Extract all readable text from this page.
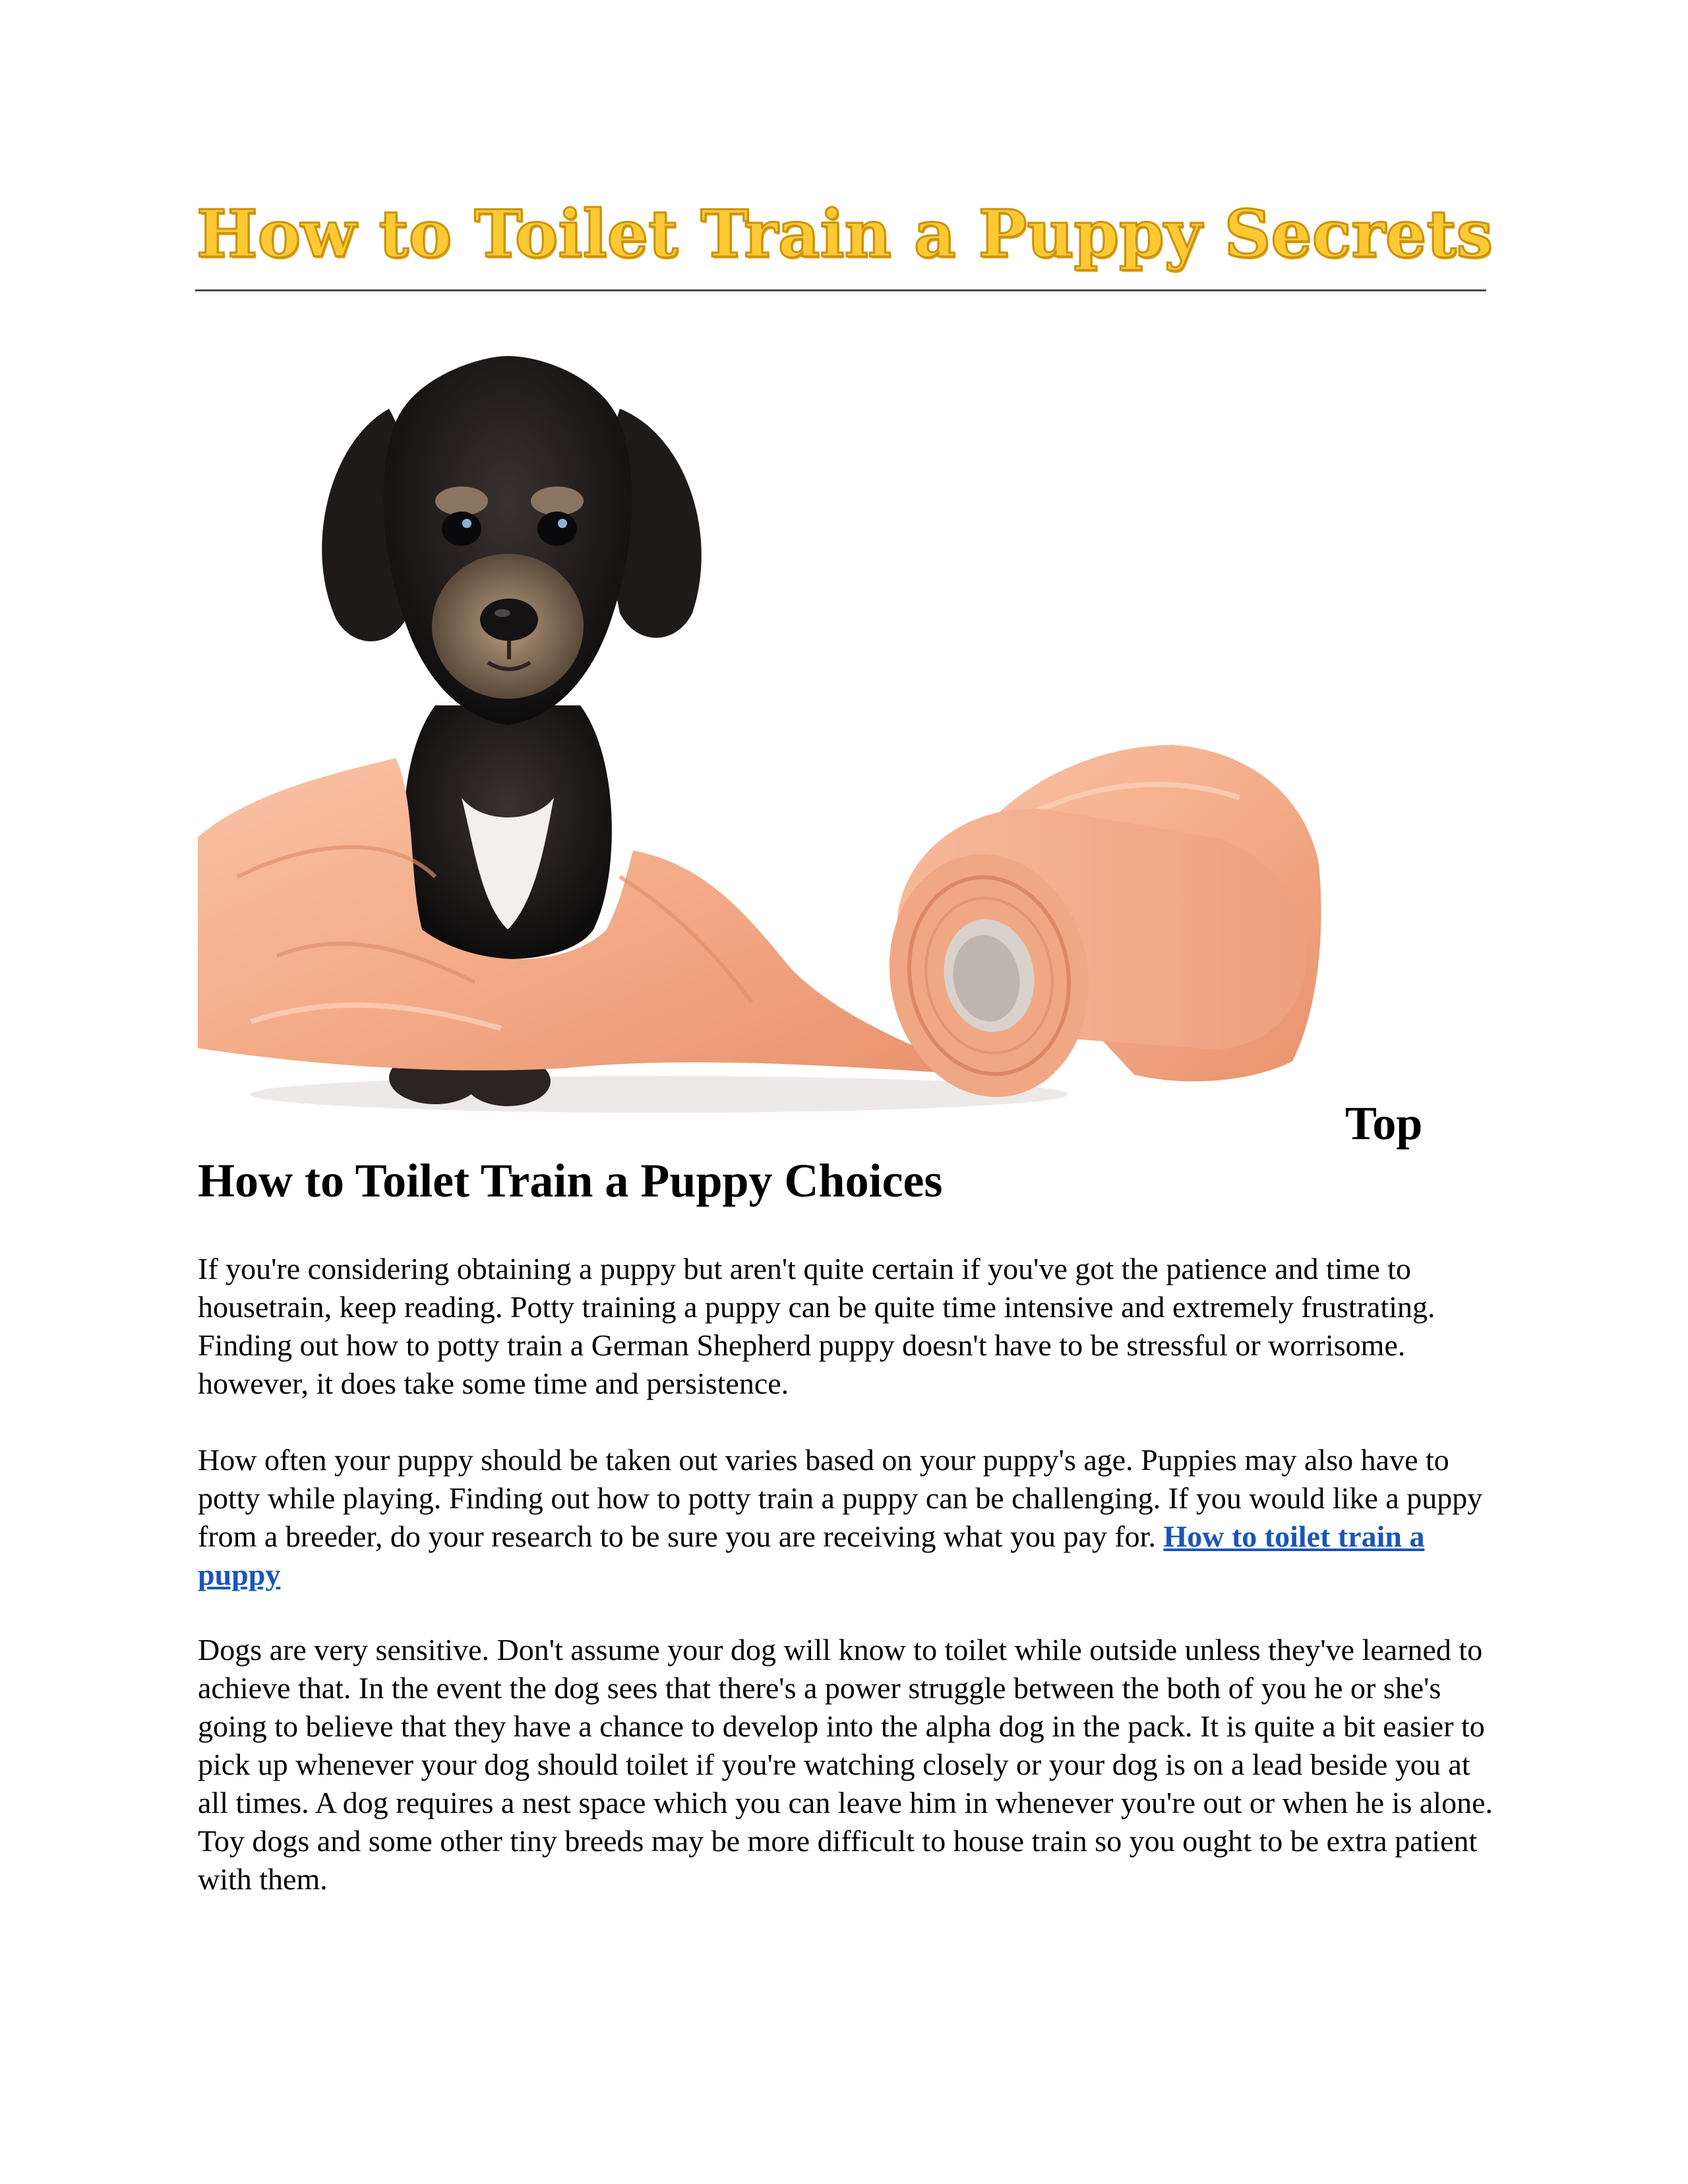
How to Toilet Train a Puppy Secrets
Top
How to Toilet Train a Puppy Choices

If you're considering obtaining a puppy but aren't quite certain if you've got the patience and time to housetrain, keep reading. Potty training a puppy can be quite time intensive and extremely frustrating. Finding out how to potty train a German Shepherd puppy doesn't have to be stressful or worrisome. however, it does take some time and persistence.

How often your puppy should be taken out varies based on your puppy's age. Puppies may also have to potty while playing. Finding out how to potty train a puppy can be challenging. If you would like a puppy from a breeder, do your research to be sure you are receiving what you pay for. How to toilet train a puppy

Dogs are very sensitive. Don't assume your dog will know to toilet while outside unless they've learned to achieve that. In the event the dog sees that there's a power struggle between the both of you he or she's going to believe that they have a chance to develop into the alpha dog in the pack. It is quite a bit easier to pick up whenever your dog should toilet if you're watching closely or your dog is on a lead beside you at all times. A dog requires a nest space which you can leave him in whenever you're out or when he is alone. Toy dogs and some other tiny breeds may be more difficult to house train so you ought to be extra patient with them.
